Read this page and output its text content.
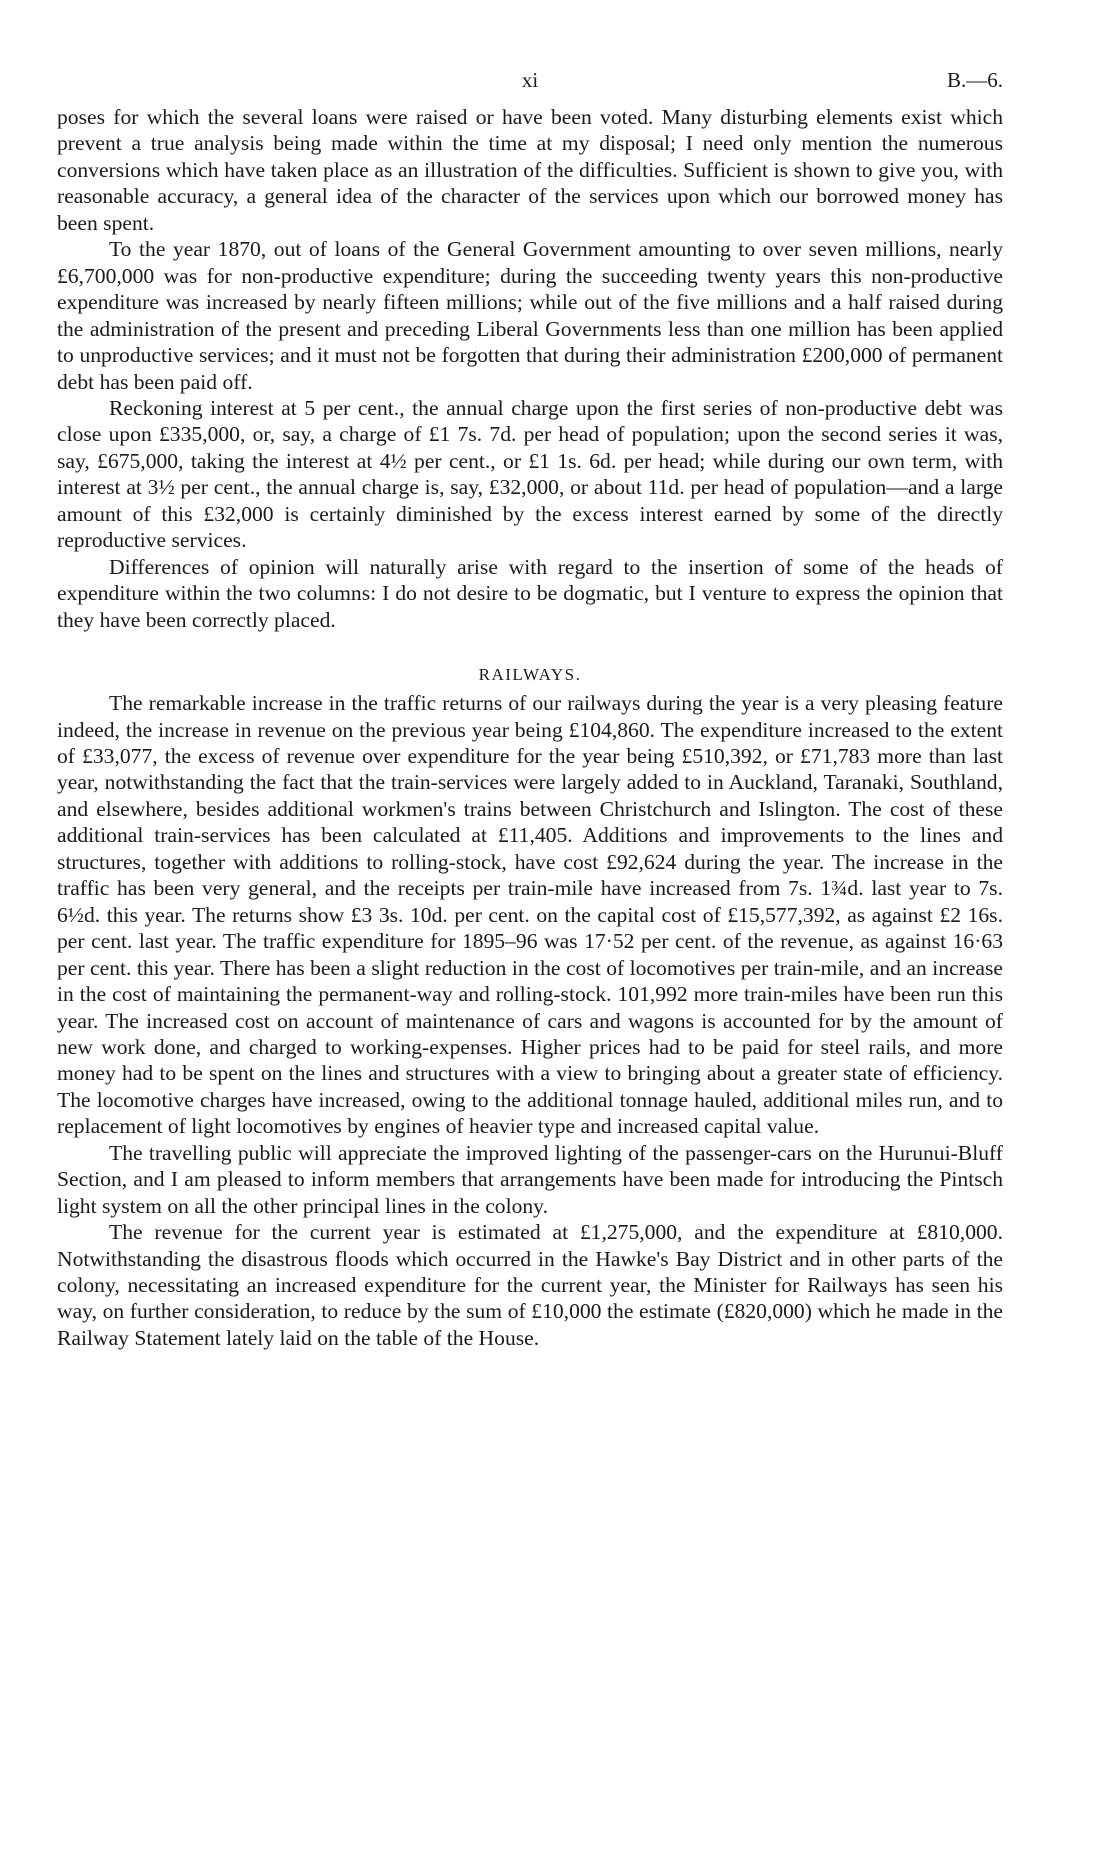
xi	B.—6.

poses for which the several loans were raised or have been voted. Many disturbing elements exist which prevent a true analysis being made within the time at my disposal; I need only mention the numerous conversions which have taken place as an illustration of the difficulties. Sufficient is shown to give you, with reasonable accuracy, a general idea of the character of the services upon which our borrowed money has been spent.

To the year 1870, out of loans of the General Government amounting to over seven millions, nearly £6,700,000 was for non-productive expenditure; during the succeeding twenty years this non-productive expenditure was increased by nearly fifteen millions; while out of the five millions and a half raised during the administration of the present and preceding Liberal Governments less than one million has been applied to unproductive services; and it must not be forgotten that during their administration £200,000 of permanent debt has been paid off.

Reckoning interest at 5 per cent., the annual charge upon the first series of non-productive debt was close upon £335,000, or, say, a charge of £1 7s. 7d. per head of population; upon the second series it was, say, £675,000, taking the interest at 4½ per cent., or £1 1s. 6d. per head; while during our own term, with interest at 3½ per cent., the annual charge is, say, £32,000, or about 11d. per head of population—and a large amount of this £32,000 is certainly diminished by the excess interest earned by some of the directly reproductive services.

Differences of opinion will naturally arise with regard to the insertion of some of the heads of expenditure within the two columns: I do not desire to be dogmatic, but I venture to express the opinion that they have been correctly placed.

RAILWAYS.

The remarkable increase in the traffic returns of our railways during the year is a very pleasing feature indeed, the increase in revenue on the previous year being £104,860. The expenditure increased to the extent of £33,077, the excess of revenue over expenditure for the year being £510,392, or £71,783 more than last year, notwithstanding the fact that the train-services were largely added to in Auckland, Taranaki, Southland, and elsewhere, besides additional workmen's trains between Christchurch and Islington. The cost of these additional train-services has been calculated at £11,405. Additions and improvements to the lines and structures, together with additions to rolling-stock, have cost £92,624 during the year. The increase in the traffic has been very general, and the receipts per train-mile have increased from 7s. 1¾d. last year to 7s. 6½d. this year. The returns show £3 3s. 10d. per cent. on the capital cost of £15,577,392, as against £2 16s. per cent. last year. The traffic expenditure for 1895–96 was 17·52 per cent. of the revenue, as against 16·63 per cent. this year. There has been a slight reduction in the cost of locomotives per train-mile, and an increase in the cost of maintaining the permanent-way and rolling-stock. 101,992 more train-miles have been run this year. The increased cost on account of maintenance of cars and wagons is accounted for by the amount of new work done, and charged to working-expenses. Higher prices had to be paid for steel rails, and more money had to be spent on the lines and structures with a view to bringing about a greater state of efficiency. The locomotive charges have increased, owing to the additional tonnage hauled, additional miles run, and to replacement of light locomotives by engines of heavier type and increased capital value.

The travelling public will appreciate the improved lighting of the passenger-cars on the Hurunui-Bluff Section, and I am pleased to inform members that arrangements have been made for introducing the Pintsch light system on all the other principal lines in the colony.

The revenue for the current year is estimated at £1,275,000, and the expenditure at £810,000. Notwithstanding the disastrous floods which occurred in the Hawke's Bay District and in other parts of the colony, necessitating an increased expenditure for the current year, the Minister for Railways has seen his way, on further consideration, to reduce by the sum of £10,000 the estimate (£820,000) which he made in the Railway Statement lately laid on the table of the House.
